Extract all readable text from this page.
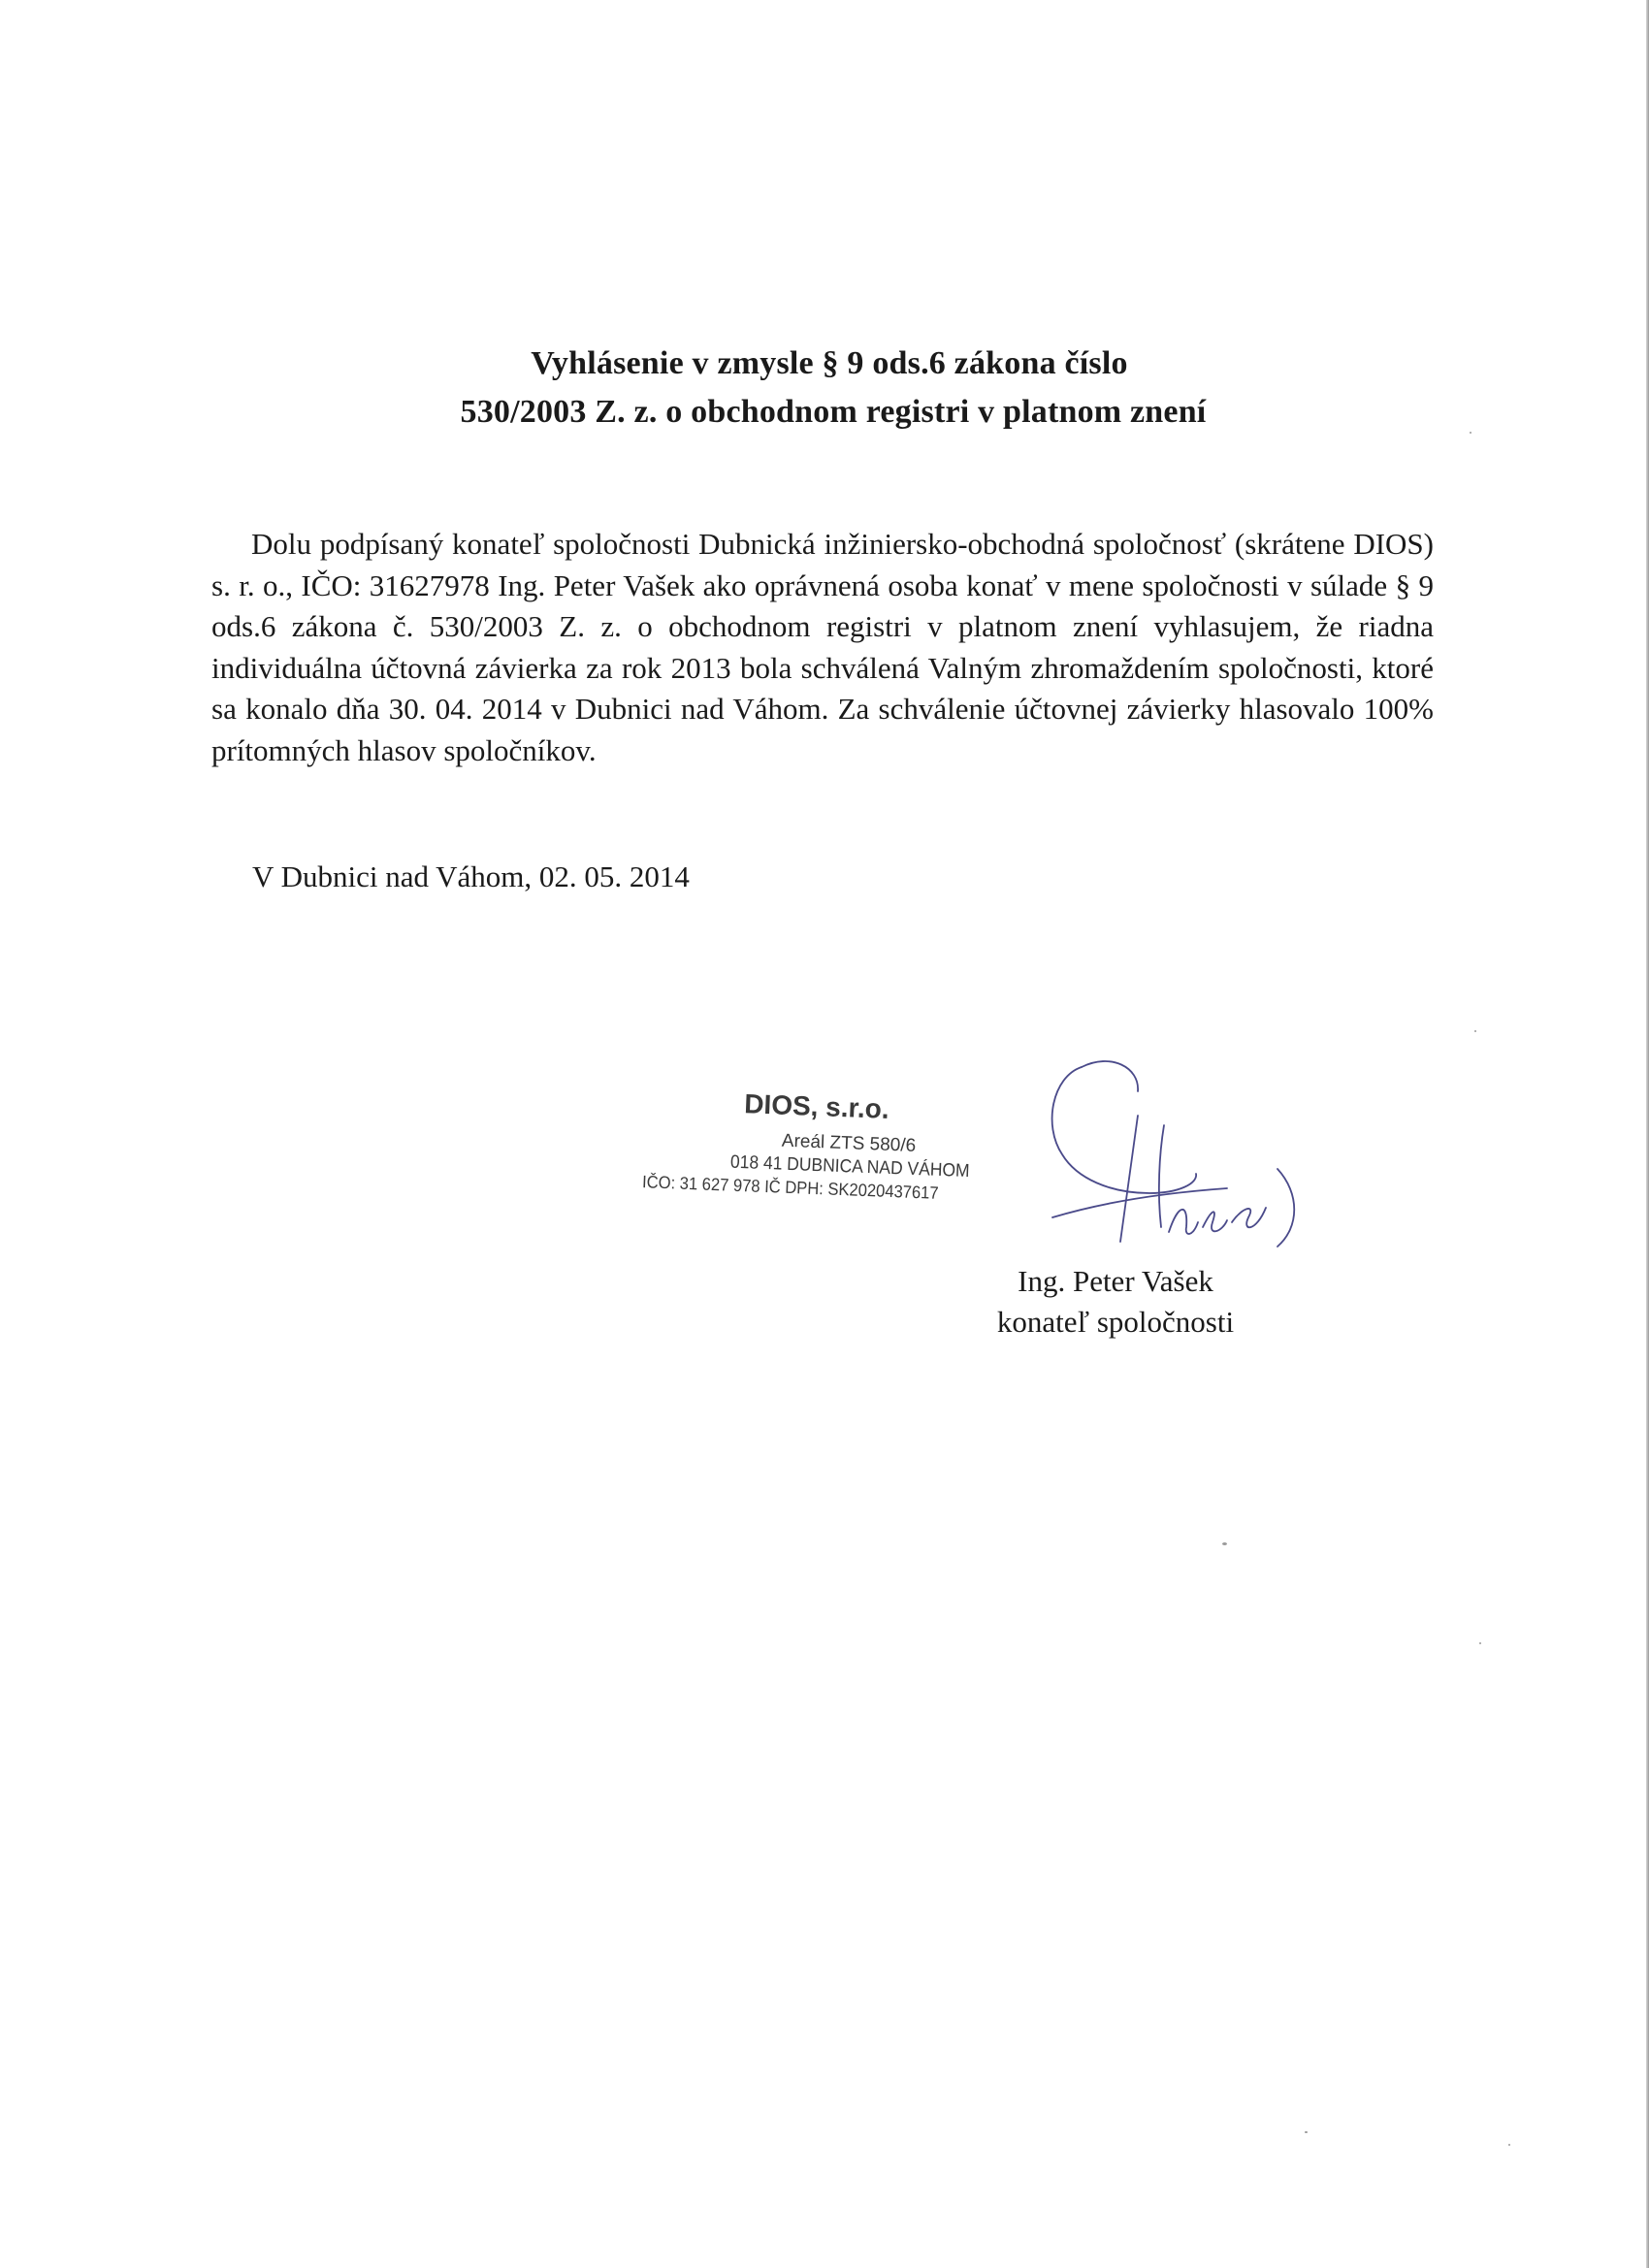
Vyhlásenie v zmysle § 9 ods.6 zákona číslo
530/2003 Z. z. o obchodnom registri v platnom znení

Dolu podpísaný konateľ spoločnosti Dubnická inžiniersko-obchodná spoločnosť (skrátene DIOS) s. r. o., IČO: 31627978 Ing. Peter Vašek ako oprávnená osoba konať v mene spoločnosti v súlade § 9 ods.6 zákona č. 530/2003 Z. z. o obchodnom registri v platnom znení vyhlasujem, že riadna individuálna účtovná závierka za rok 2013 bola schválená Valným zhromaždením spoločnosti, ktoré sa konalo dňa 30. 04. 2014 v Dubnici nad Váhom. Za schválenie účtovnej závierky hlasovalo 100% prítomných hlasov spoločníkov.

V Dubnici nad Váhom, 02. 05. 2014
DIOS, s.r.o.
Areál ZTS 580/6
018 41 DUBNICA NAD VÁHOM
IČO: 31 627 978 IČ DPH: SK2020437617
Ing. Peter Vašek
konateľ spoločnosti
